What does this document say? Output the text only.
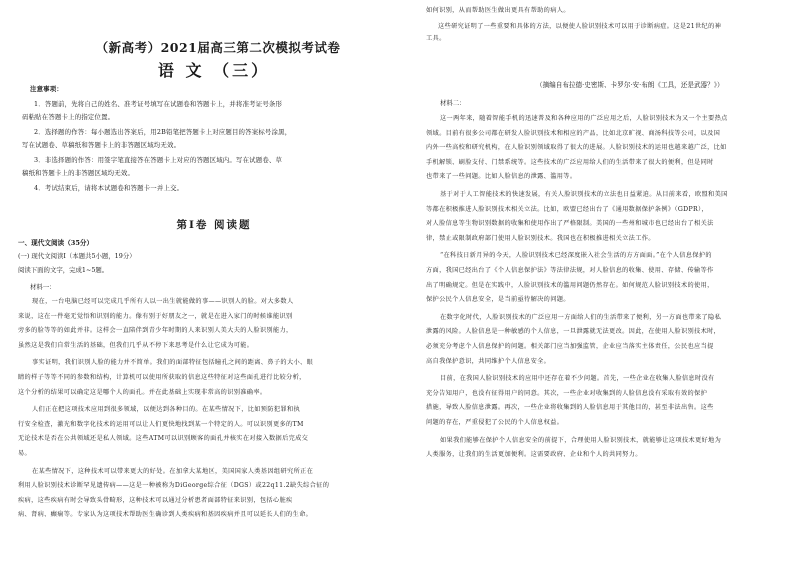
（新高考）2021届高三第二次模拟考试卷
语 文 （三）
注意事项：
1．答题前，先将自己的姓名、准考证号填写在试题卷和答题卡上，并将准考证号条形
码粘贴在答题卡上的指定位置。
2．选择题的作答：每小题选出答案后，用2B铅笔把答题卡上对应题目的答案标号涂黑，
写在试题卷、草稿纸和答题卡上的非答题区域均无效。
3．非选择题的作答：用签字笔直接答在答题卡上对应的答题区域内。写在试题卷、草
稿纸和答题卡上的非答题区域均无效。
4．考试结束后，请将本试题卷和答题卡一并上交。
第Ⅰ卷 阅读题
一、现代文阅读（35分）
(一) 现代文阅读Ⅰ（本题共5小题，19分）
阅读下面的文字，完成1~5题。
材料一：
现在，一台电脑已经可以完成几乎所有人以一出生就能做的事——识别人的脸。对大多数人
来说，这在一件毫无觉悟和识别的能力。像有别于好朋友之一，就是在进入家门的时候谁能识别
旁多的脸等等的如此并非。这样会一直陪伴到青少年时期的人来识别人美大夫的人脸识别能力，
虽然这是我们自常生活的基础，但我们几乎从不停下来思考是什么让它成为可能。
事实证明，我们识别人脸的能力并不简单。我们的面部特征包括瞳孔之间的距离、鼻子的大小、眼
睛的样子等等不同的参数和结构，计算机可以使用所获取的信息这些特征对这些面孔进行比较分析，
这个分析的结果可以确定这是哪个人的面孔。并在此基础上实现非常高的识别准确率。
人们正在把这项技术应用到很多领域，以便达到各种目的。在某些情况下，比如预防犯罪和执
行安全检查，激光和数字化技术的运用可以让人们更快地找到某一个特定的人。可以识别更多的TM
无论技术是否在公共领域还是私人领域。这些ATM可以识别顾客的面孔并核实在对接入数据后完成交
易。
在某些情况下，这种技术可以带来更大的好处。在加拿大某地区，美国国家人类基因组研究所正在
利用人脸识别技术诊断罕见遗传病——这是一种被称为DiGeorge综合征（DGS）或22q11.2缺失综合征的
疾病，这些疾病有时会导致头骨畸形，这种技术可以通过分析患者面部特征来识别，包括心脏疾
病、肾病、癫痫等。专家认为这项技术帮助医生确诊到人类疾病和基因疾病并且可以延长人们的生命。
如何识别，从而帮助医生做出更具有帮助的病人。
这些研究证明了一些重要和具体的方法，以便使人脸识别技术可以用于诊断病症。这是21世纪的神
工具。
（摘编自布拉德·史密斯、卡罗尔·安·布朗《工具，还是武器？》）
材料二：
这一两年来，随着智能手机的迅速普及和各种应用的广泛应用之后，人脸识别技术为又一个主要热点
领域。目前有很多公司都在研发人脸识别技术和相应的产品，比如北京旷视、商汤科技等公司，以及国
内外一些高校和研究机构，在人脸识别领域取得了很大的进展。人脸识别技术的运用也越来越广泛，比如
手机解锁、刷脸支付、门禁系统等。这些技术的广泛应用给人们的生活带来了很大的便利，但是同时
也带来了一些问题。比如人脸信息的泄露、滥用等。
基于对于人工智能技术的快速发展，有关人脸识别技术的立法也日益紧迫。从目前来看，欧盟和美国
等都在积极推进人脸识别技术相关立法。比如，欧盟已经出台了《通用数据保护条例》（GDPR），
对人脸信息等生物识别数据的收集和使用作出了严格限制。美国的一些州和城市也已经出台了相关法
律，禁止或限制政府部门使用人脸识别技术。我国也在积极推进相关立法工作。
“在科技日新月异的今天，人脸识别技术已经深度嵌入社会生活的方方面面。”在个人信息保护的
方面，我国已经出台了《个人信息保护法》等法律法规，对人脸信息的收集、使用、存储、传输等作
出了明确规定。但是在实践中，人脸识别技术的滥用问题仍然存在。如何规范人脸识别技术的使用，
保护公民个人信息安全，是当前亟待解决的问题。
在数字化时代，人脸识别技术的广泛应用一方面给人们的生活带来了便利，另一方面也带来了隐私
泄露的风险。人脸信息是一种敏感的个人信息，一旦泄露就无法更改。因此，在使用人脸识别技术时，
必须充分考虑个人信息保护的问题。相关部门应当加强监管，企业应当落实主体责任，公民也应当提
高自我保护意识，共同维护个人信息安全。
目前，在我国人脸识别技术的应用中还存在着不少问题。首先，一些企业在收集人脸信息时没有
充分告知用户，也没有征得用户的同意。其次，一些企业对收集到的人脸信息没有采取有效的保护
措施，导致人脸信息泄露。再次，一些企业将收集到的人脸信息用于其他目的，甚至非法出售。这些
问题的存在，严重侵犯了公民的个人信息权益。
如果我们能够在保护个人信息安全的前提下，合理使用人脸识别技术，就能够让这项技术更好地为
人类服务，让我们的生活更加便利。这需要政府、企业和个人的共同努力。
